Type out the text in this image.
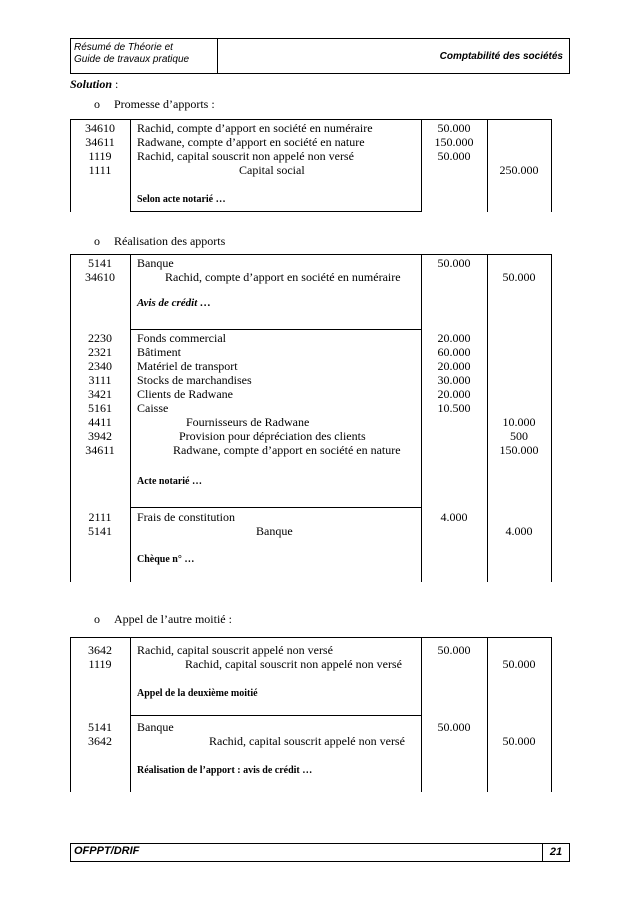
Résumé de Théorie et
Guide de travaux pratique	Comptabilité des sociétés
Solution :
o Promesse d’apports :
34610
34611
1119
1111
Rachid, compte d’apport en société en numéraire
Radwane, compte d’apport en société en nature
Rachid, capital souscrit non appelé non versé
Capital social
50.000
150.000
50.000
250.000
Selon acte notarié …
o Réalisation des apports
5141
34610
Banque
Rachid, compte d’apport en société en numéraire
50.000
50.000
Avis de crédit …
2230
2321
2340
3111
3421
5161
4411
3942
34611
Fonds commercial
Bâtiment
Matériel de transport
Stocks de marchandises
Clients de Radwane
Caisse
Fournisseurs de Radwane
Provision pour dépréciation des clients
Radwane, compte d’apport en société en nature
20.000
60.000
20.000
30.000
20.000
10.500
10.000
500
150.000
Acte notarié …
2111
5141
Frais de constitution
Banque
4.000
4.000
Chèque n° …
o Appel de l’autre moitié :
3642
1119
Rachid, capital souscrit appelé non versé
Rachid, capital souscrit non appelé non versé
50.000
50.000
Appel de la deuxième moitié
5141
3642
Banque
Rachid, capital souscrit appelé non versé
50.000
50.000
Réalisation de l’apport : avis de crédit …
OFPPT/DRIF	21
